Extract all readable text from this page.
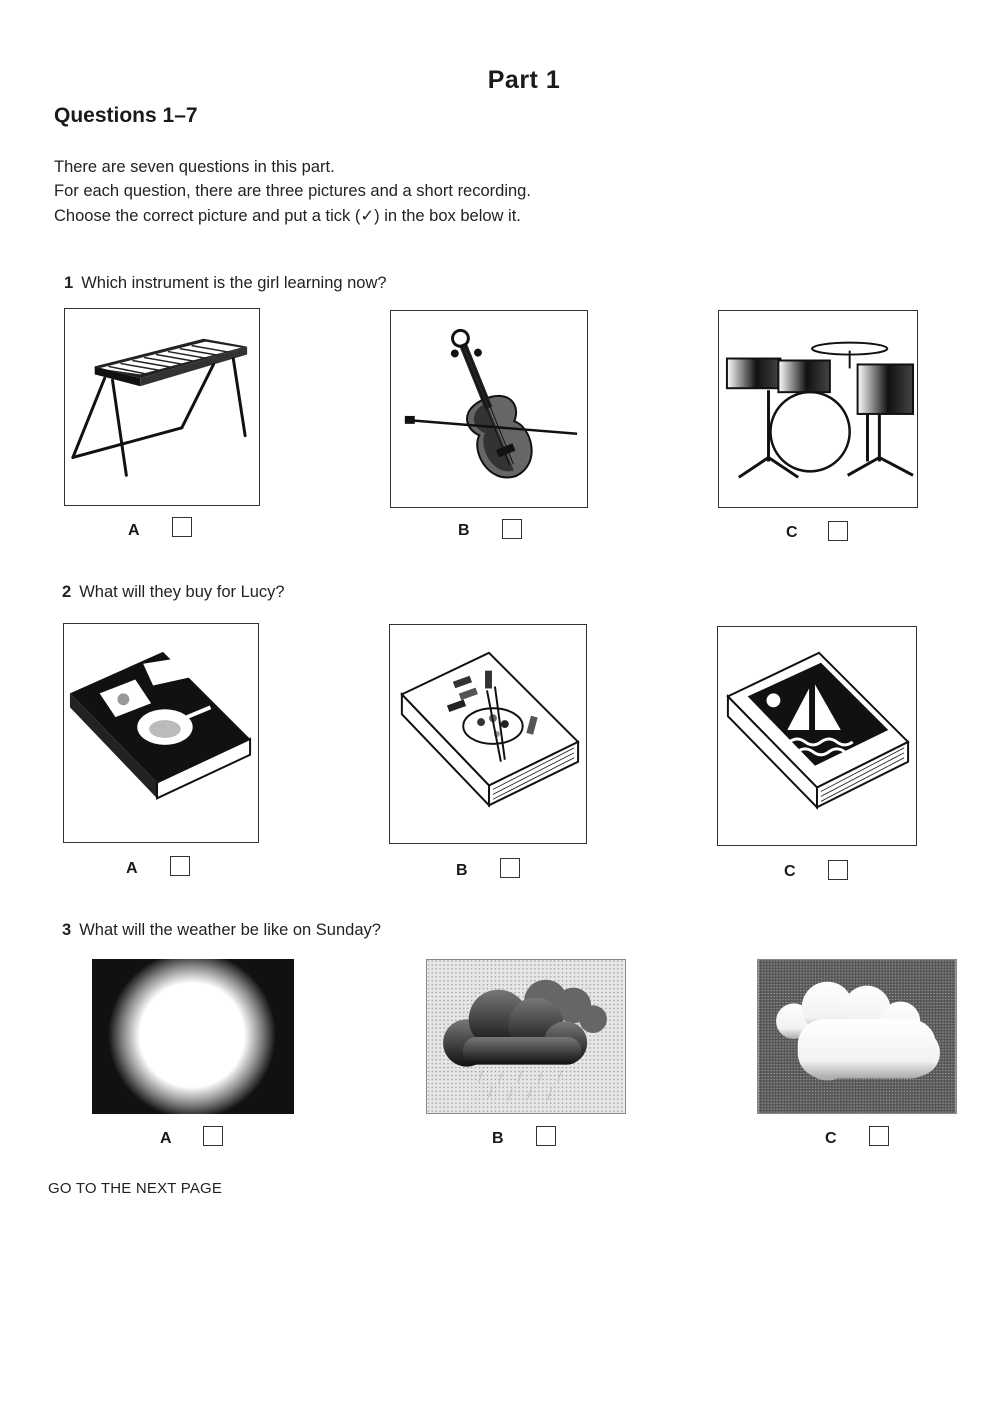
Part 1
Questions 1–7
There are seven questions in this part.
For each question, there are three pictures and a short recording.
Choose the correct picture and put a tick (✓) in the box below it.
1 Which instrument is the girl learning now?
A	B	C
2 What will they buy for Lucy?
A	B	C
3 What will the weather be like on Sunday?
A	B	C
GO TO THE NEXT PAGE
